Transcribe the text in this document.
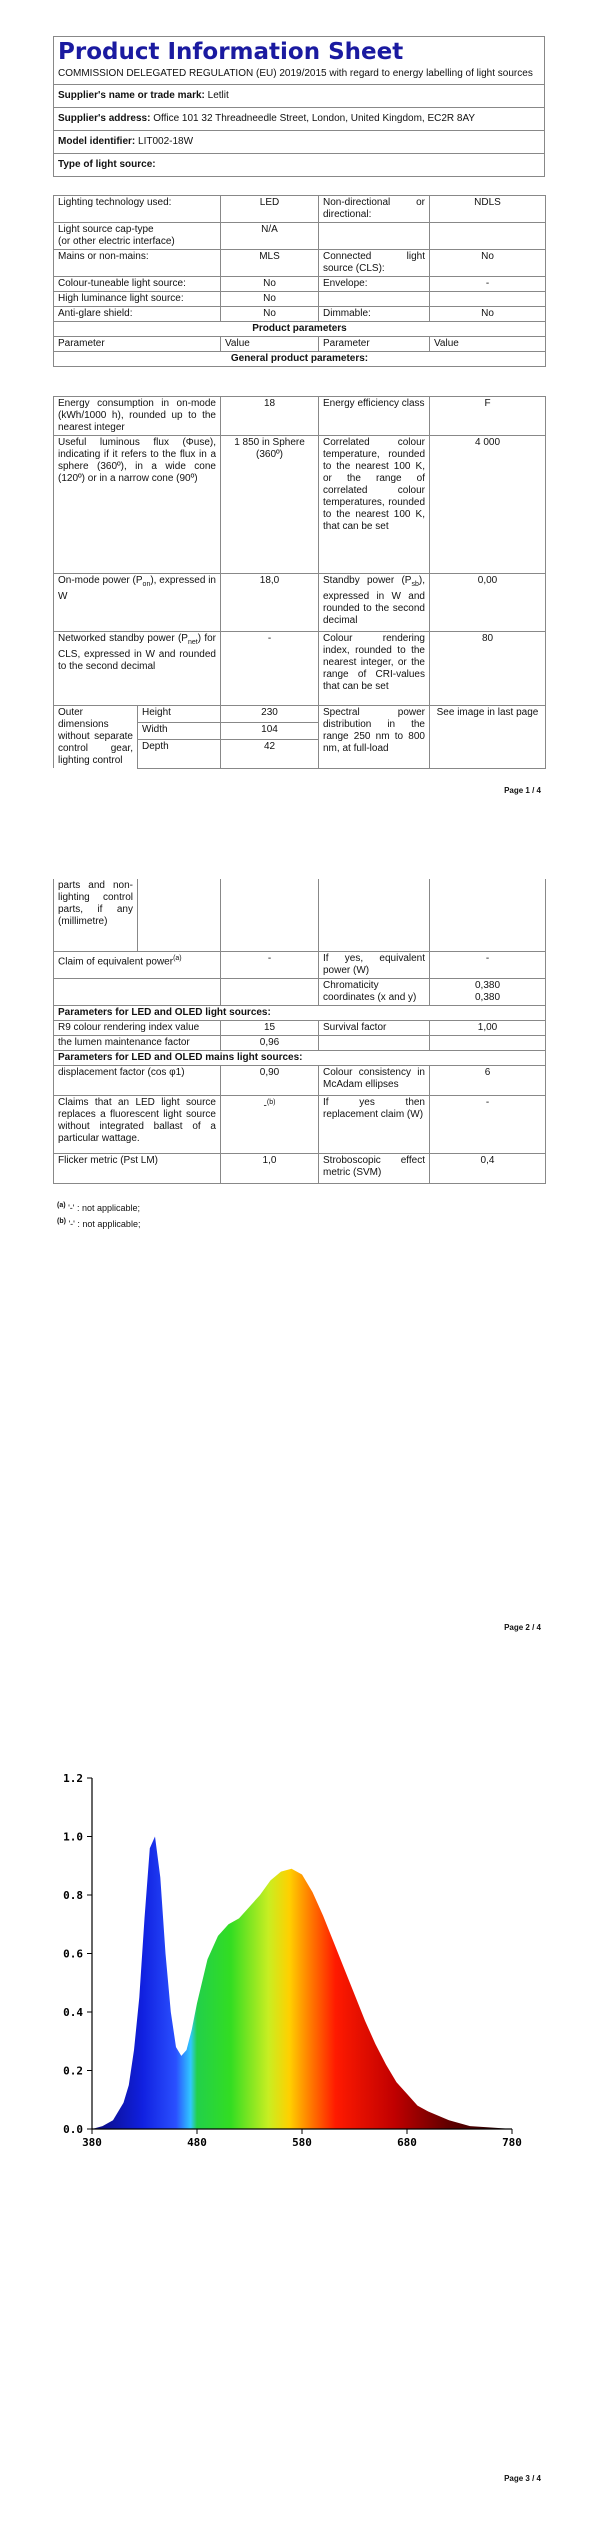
Product Information Sheet
COMMISSION DELEGATED REGULATION (EU) 2019/2015 with regard to energy labelling of light sources
Supplier's name or trade mark: Letlit
Supplier's address: Office 101 32 Threadneedle Street, London, United Kingdom, EC2R 8AY
Model identifier: LIT002-18W
Type of light source:
Lighting technology used:	LED	Non-directional or directional:	NDLS

Light source cap-type
(or other electric interface)	N/A		
Mains or non-mains:	MLS	Connected light source (CLS):	No
Colour-tuneable light source:	No	Envelope:	-
High luminance light source:	No		
Anti-glare shield:	No	Dimmable:	No
Product parameters			
Parameter	Value	Parameter	Value
General product parameters:			
Energy consumption in on-mode (kWh/1000 h), rounded up to the nearest integer		18	Energy efficiency class	F
Useful luminous flux (Φuse), indicating if it refers to the flux in a sphere (360º), in a wide cone (120º) or in a narrow cone (90º)		1 850 in Sphere (360º)	Correlated colour temperature, rounded to the nearest 100 K, or the range of correlated colour temperatures, rounded to the nearest 100 K, that can be set	4 000
On-mode power $(P_{on})$, expressed in W		18,0	Standby power $(P_{sb})$, expressed in W and rounded to the second decimal	0,00
Networked standby power $(P_{net})$ for CLS, expressed in W and rounded to the second decimal		-	Colour rendering index, rounded to the nearest integer, or the range of CRI-values that can be set	80
Outer dimensions without separate control gear, lighting control	Height	230	Spectral power distribution in the range 250 nm to 800 nm, at full-load	See image in last page
	Width	104		
	Depth	42		
Page 1 / 4
parts and non-lighting control parts, if any (millimetre)				
Claim of equivalent power$^{(a)}$		-	If yes, equivalent power (W)	-
			Chromaticity coordinates (x and y)	0,380
0,380

Parameters for LED and OLED light sources:				
R9 colour rendering index value		15	Survival factor	1,00
the lumen maintenance factor		0,96		
Parameters for LED and OLED mains light sources:				
displacement factor (cos φ1)		0,90	Colour consistency in McAdam ellipses	6
Claims that an LED light source replaces a fluorescent light source without integrated ballast of a particular wattage.		-$^{(b)}$	If yes then replacement claim (W)	-
Flicker metric (Pst LM)		1,0	Stroboscopic effect metric (SVM)	0,4
$^{(a)}$ '-' : not applicable;
$^{(b)}$ '-' : not applicable;
Page 2 / 4
0.0
0.2
0.4
0.6
0.8
1.0
1.2
380	480	580	680	780
Page 3 / 4
